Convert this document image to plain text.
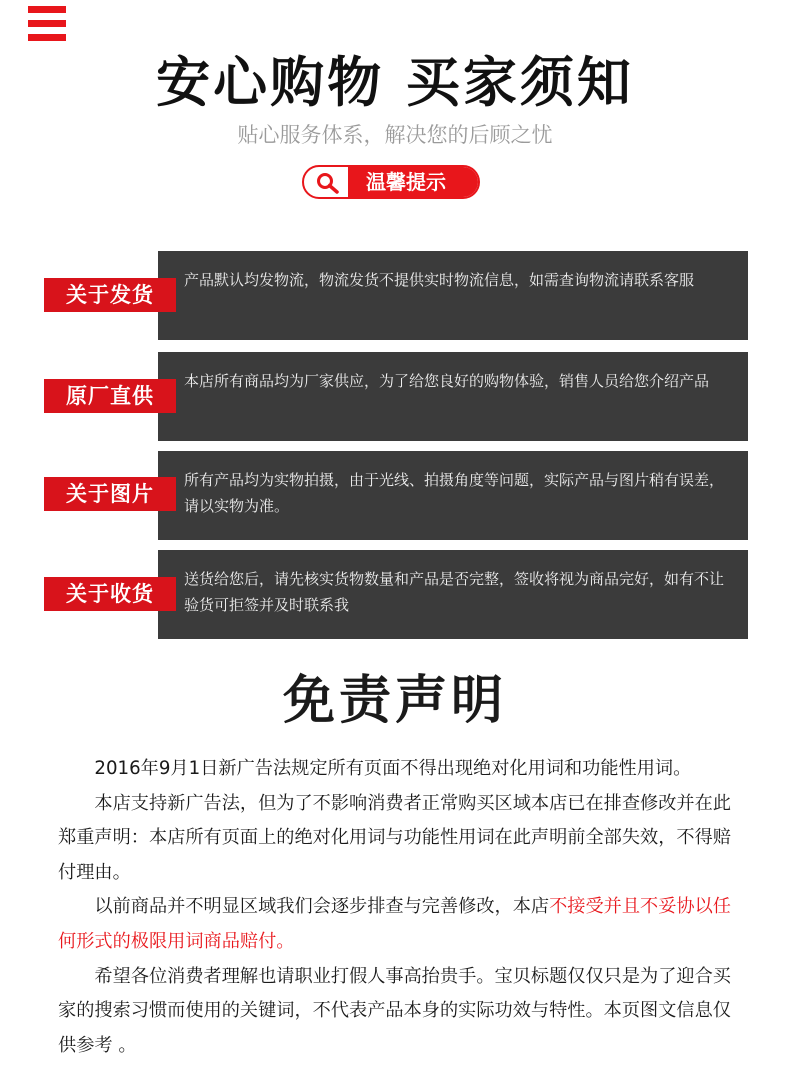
安心购物 买家须知
贴心服务体系，解决您的后顾之忧
温馨提示
产品默认均发物流，物流发货不提供实时物流信息，如需查询物流请联系客服
关于发货
本店所有商品均为厂家供应，为了给您良好的购物体验，销售人员给您介绍产品
原厂直供
所有产品均为实物拍摄，由于光线、拍摄角度等问题，实际产品与图片稍有误差，请以实物为准。
关于图片
送货给您后，请先核实货物数量和产品是否完整，签收将视为商品完好，如有不让验货可拒签并及时联系我
关于收货
免责声明

2016年9月1日新广告法规定所有页面不得出现绝对化用词和功能性用词。

本店支持新广告法，但为了不影响消费者正常购买区域本店已在排查修改并在此郑重声明：本店所有页面上的绝对化用词与功能性用词在此声明前全部失效，不得赔付理由。

以前商品并不明显区域我们会逐步排查与完善修改，本店不接受并且不妥协以任何形式的极限用词商品赔付。

希望各位消费者理解也请职业打假人事高抬贵手。宝贝标题仅仅只是为了迎合买家的搜索习惯而使用的关键词，不代表产品本身的实际功效与特性。本页图文信息仅供参考 。
